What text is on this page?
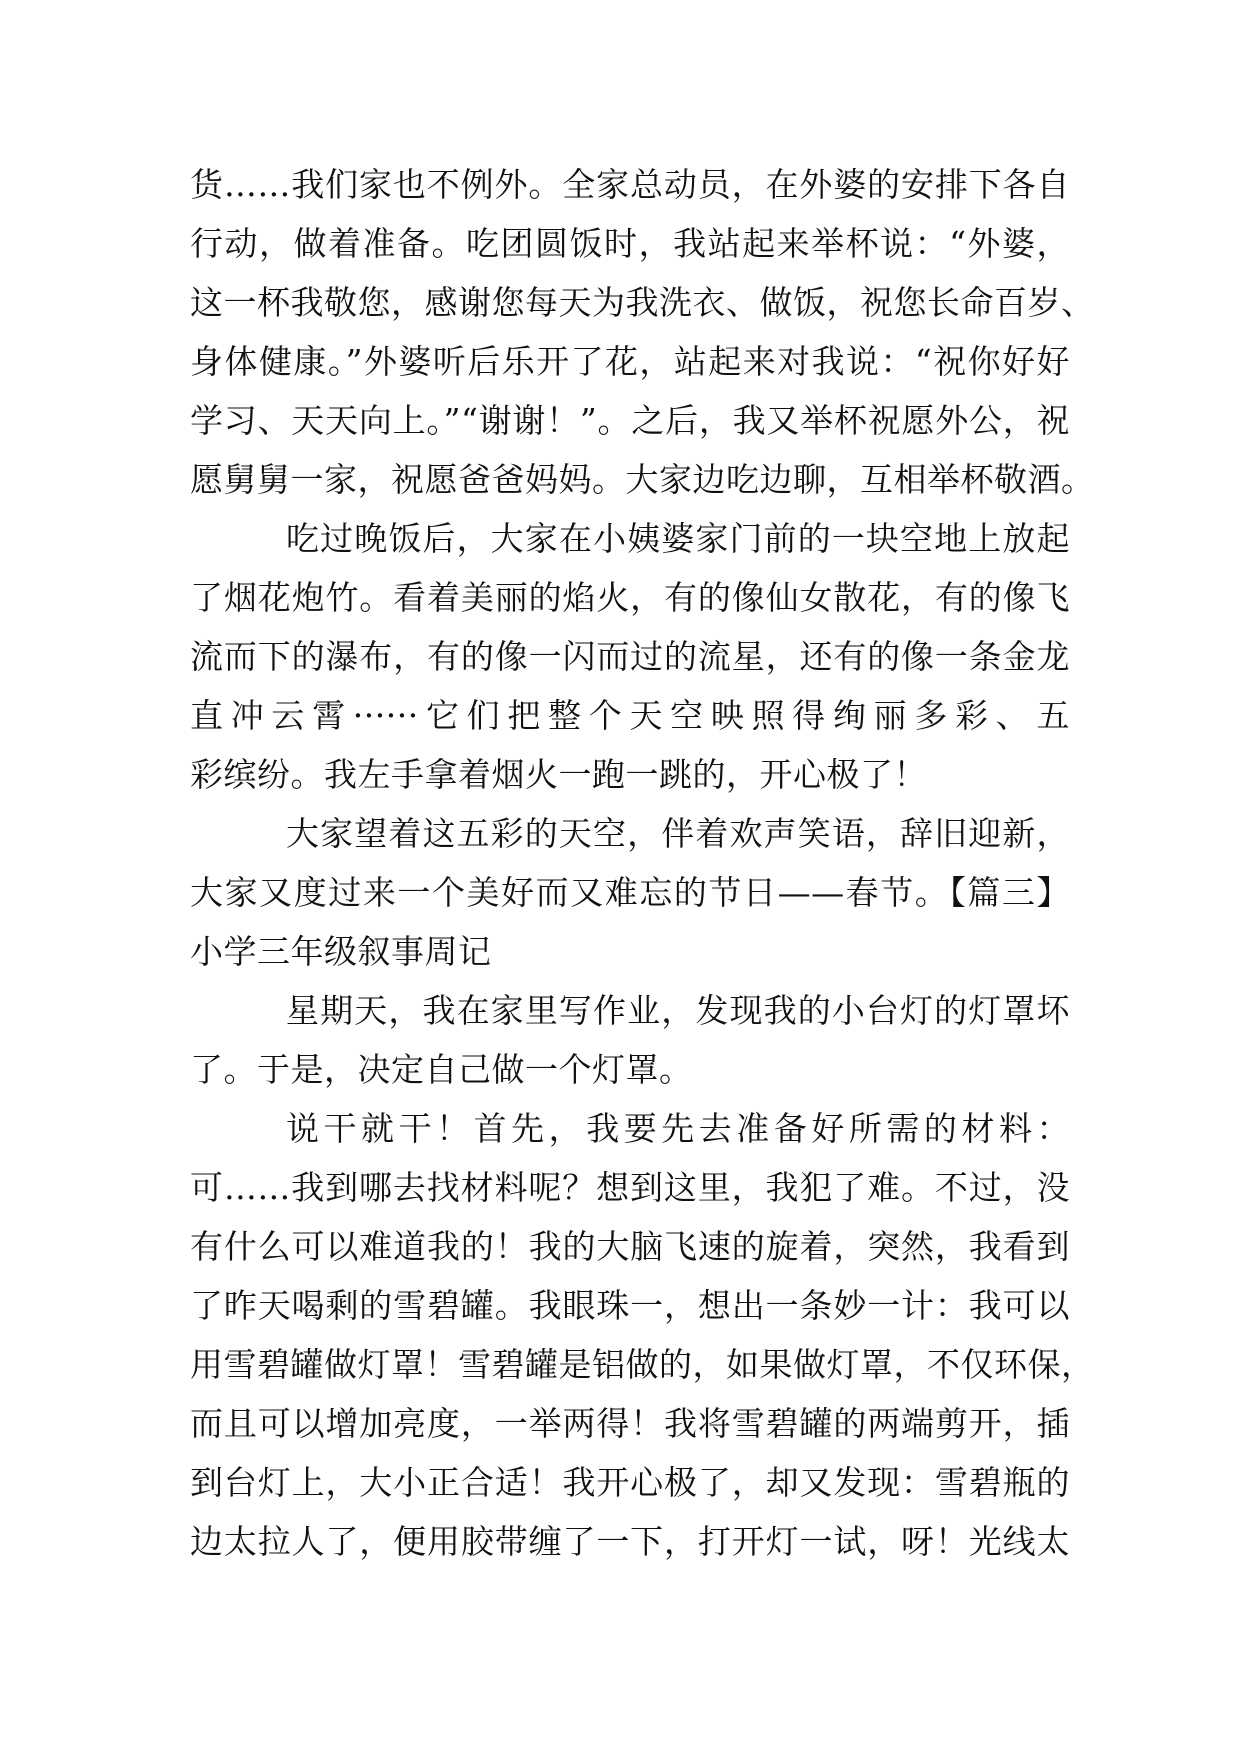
货……我们家也不例外。全家总动员，在外婆的安排下各自
行动，做着准备。吃团圆饭时，我站起来举杯说：“外婆，
这一杯我敬您，感谢您每天为我洗衣、做饭，祝您长命百岁、
身体健康。”外婆听后乐开了花，站起来对我说：“祝你好好
学习、天天向上。”“谢谢！”。之后，我又举杯祝愿外公，祝
愿舅舅一家，祝愿爸爸妈妈。大家边吃边聊，互相举杯敬酒。
吃过晚饭后，大家在小姨婆家门前的一块空地上放起
了烟花炮竹。看着美丽的焰火，有的像仙女散花，有的像飞
流而下的瀑布，有的像一闪而过的流星，还有的像一条金龙
直冲云霄······它们把整个天空映照得绚丽多彩、五
彩缤纷。我左手拿着烟火一跑一跳的，开心极了！
大家望着这五彩的天空，伴着欢声笑语，辞旧迎新，
大家又度过来一个美好而又难忘的节日——春节。【篇三】
小学三年级叙事周记
星期天，我在家里写作业，发现我的小台灯的灯罩坏
了。于是，决定自己做一个灯罩。
说干就干！首先，我要先去准备好所需的材料：
可……我到哪去找材料呢？想到这里，我犯了难。不过，没
有什么可以难道我的！我的大脑飞速的旋着，突然，我看到
了昨天喝剩的雪碧罐。我眼珠一，想出一条妙一计：我可以
用雪碧罐做灯罩！雪碧罐是铝做的，如果做灯罩，不仅环保，
而且可以增加亮度，一举两得！我将雪碧罐的两端剪开，插
到台灯上，大小正合适！我开心极了，却又发现：雪碧瓶的
边太拉人了，便用胶带缠了一下，打开灯一试，呀！光线太
